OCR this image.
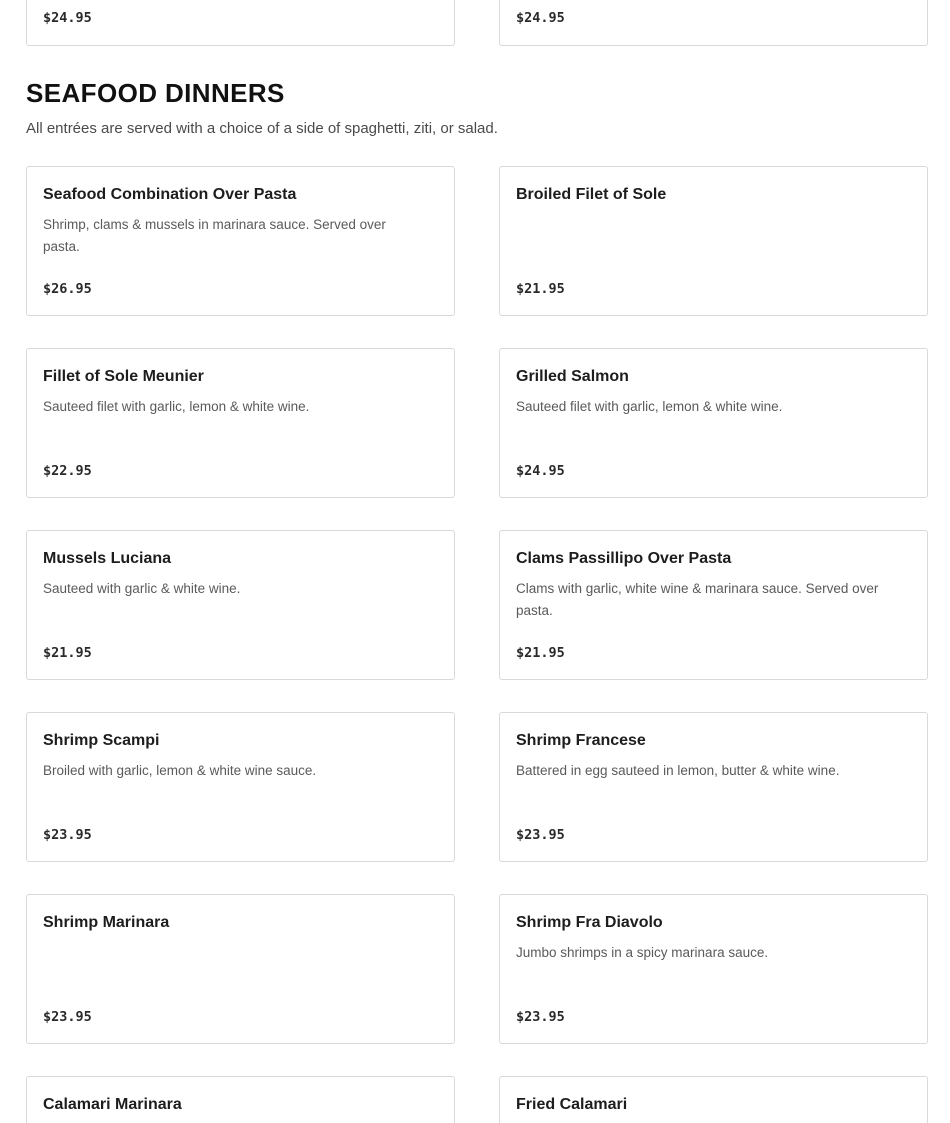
$24.95	$24.95
SEAFOOD DINNERS

All entrées are served with a choice of a side of spaghetti, ziti, or salad.

Seafood Combination Over Pasta
Shrimp, clams & mussels in marinara sauce. Served over pasta.
$26.95
Broiled Filet of Sole
$21.95
Fillet of Sole Meunier
Sauteed filet with garlic, lemon & white wine.
$22.95
Grilled Salmon
Sauteed filet with garlic, lemon & white wine.
$24.95
Mussels Luciana
Sauteed with garlic & white wine.
$21.95
Clams Passillipo Over Pasta
Clams with garlic, white wine & marinara sauce. Served over pasta.
$21.95
Shrimp Scampi
Broiled with garlic, lemon & white wine sauce.
$23.95
Shrimp Francese
Battered in egg sauteed in lemon, butter & white wine.
$23.95
Shrimp Marinara
$23.95
Shrimp Fra Diavolo
Jumbo shrimps in a spicy marinara sauce.
$23.95
Calamari Marinara	Fried Calamari
